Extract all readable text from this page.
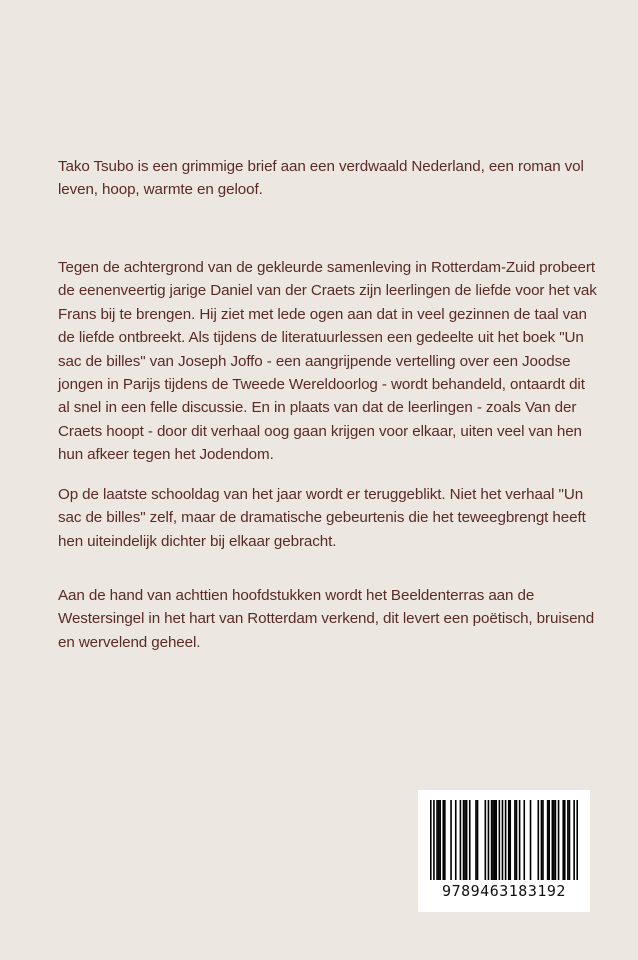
Tako Tsubo is een grimmige brief aan een verdwaald Nederland, een roman vol leven, hoop, warmte en geloof.

Tegen de achtergrond van de gekleurde samenleving in Rotterdam-Zuid probeert de eenenveertig jarige Daniel van der Craets zijn leerlingen de liefde voor het vak Frans bij te brengen. Hij ziet met lede ogen aan dat in veel gezinnen de taal van de liefde ontbreekt. Als tijdens de literatuurlessen een gedeelte uit het boek "Un sac de billes" van Joseph Joffo - een aangrijpende vertelling over een Joodse jongen in Parijs tijdens de Tweede Wereldoorlog - wordt behandeld, ontaardt dit al snel in een felle discussie. En in plaats van dat de leerlingen - zoals Van der Craets hoopt - door dit verhaal oog gaan krijgen voor elkaar, uiten veel van hen hun afkeer tegen het Jodendom.

Op de laatste schooldag van het jaar wordt er teruggeblikt. Niet het verhaal "Un sac de billes" zelf, maar de dramatische gebeurtenis die het teweegbrengt heeft hen uiteindelijk dichter bij elkaar gebracht.

Aan de hand van achttien hoofdstukken wordt het Beeldenterras aan de Westersingel in het hart van Rotterdam verkend, dit levert een poëtisch, bruisend en wervelend geheel.

9789463183192
